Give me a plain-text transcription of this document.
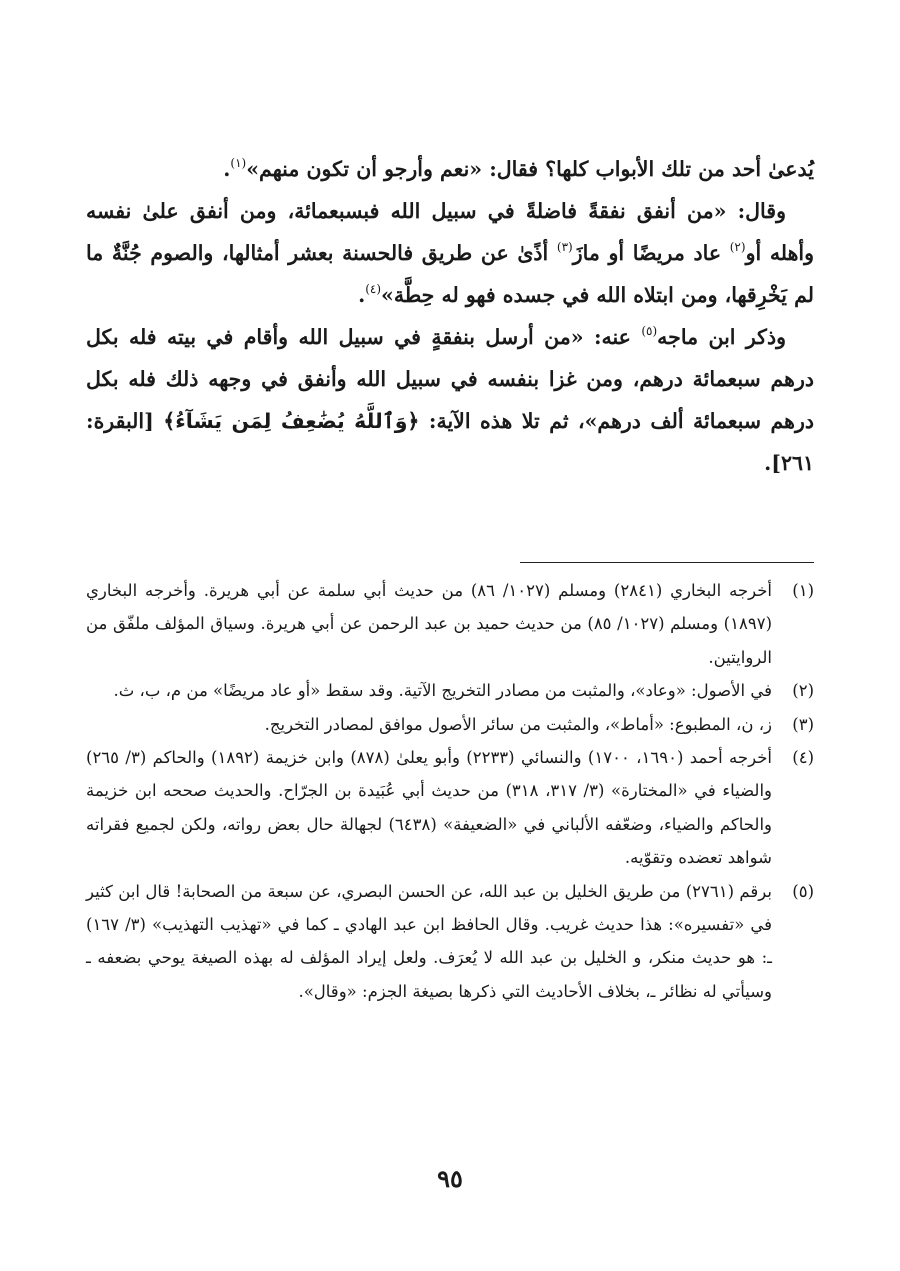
يُدعىٰ أحد من تلك الأبواب كلها؟ فقال: «نعم وأرجو أن تكون منهم»$^{(١)}$.

وقال: «من أنفق نفقةً فاضلةً في سبيل الله فبسبعمائة، ومن أنفق علىٰ نفسه وأهله أو$^{(٢)}$ عاد مريضًا أو مازَ$^{(٣)}$ أذًىٰ عن طريق فالحسنة بعشر أمثالها، والصوم جُنَّةٌ ما لم يَخْرِقها، ومن ابتلاه الله في جسده فهو له حِطَّة»$^{(٤)}$.

وذكر ابن ماجه$^{(٥)}$ عنه: «من أرسل بنفقةٍ في سبيل الله وأقام في بيته فله بكل درهم سبعمائة درهم، ومن غزا بنفسه في سبيل الله وأنفق في وجهه ذلك فله بكل درهم سبعمائة ألف درهم»، ثم تلا هذه الآية: ﴿وَٱللَّهُ يُضَٰعِفُ لِمَن يَشَآءُ﴾ [البقرة: ٢٦١].

(١)
أخرجه البخاري (٢٨٤١) ومسلم (١٠٢٧/ ٨٦) من حديث أبي سلمة عن أبي هريرة. وأخرجه البخاري (١٨٩٧) ومسلم (١٠٢٧/ ٨٥) من حديث حميد بن عبد الرحمن عن أبي هريرة. وسياق المؤلف ملفّق من الروايتين.
(٢)
في الأصول: «وعاد»، والمثبت من مصادر التخريج الآتية. وقد سقط «أو عاد مريضًا» من م، ب، ث.
(٣)
ز، ن، المطبوع: «أماط»، والمثبت من سائر الأصول موافق لمصادر التخريج.
(٤)
أخرجه أحمد (١٦٩٠، ١٧٠٠) والنسائي (٢٢٣٣) وأبو يعلىٰ (٨٧٨) وابن خزيمة (١٨٩٢) والحاكم (٣/ ٢٦٥) والضياء في «المختارة» (٣/ ٣١٧، ٣١٨) من حديث أبي عُبَيدة بن الجرّاح. والحديث صححه ابن خزيمة والحاكم والضياء، وضعّفه الألباني في «الضعيفة» (٦٤٣٨) لجهالة حال بعض رواته، ولكن لجميع فقراته شواهد تعضده وتقوّيه.
(٥)
برقم (٢٧٦١) من طريق الخليل بن عبد الله، عن الحسن البصري، عن سبعة من الصحابة! قال ابن كثير في «تفسيره»: هذا حديث غريب. وقال الحافظ ابن عبد الهادي ـ كما في «تهذيب التهذيب» (٣/ ١٦٧) ـ: هو حديث منكر، و الخليل بن عبد الله لا يُعرَف. ولعل إيراد المؤلف له بهذه الصيغة يوحي بضعفه ـ وسيأتي له نظائر ـ، بخلاف الأحاديث التي ذكرها بصيغة الجزم: «وقال».
٩٥
